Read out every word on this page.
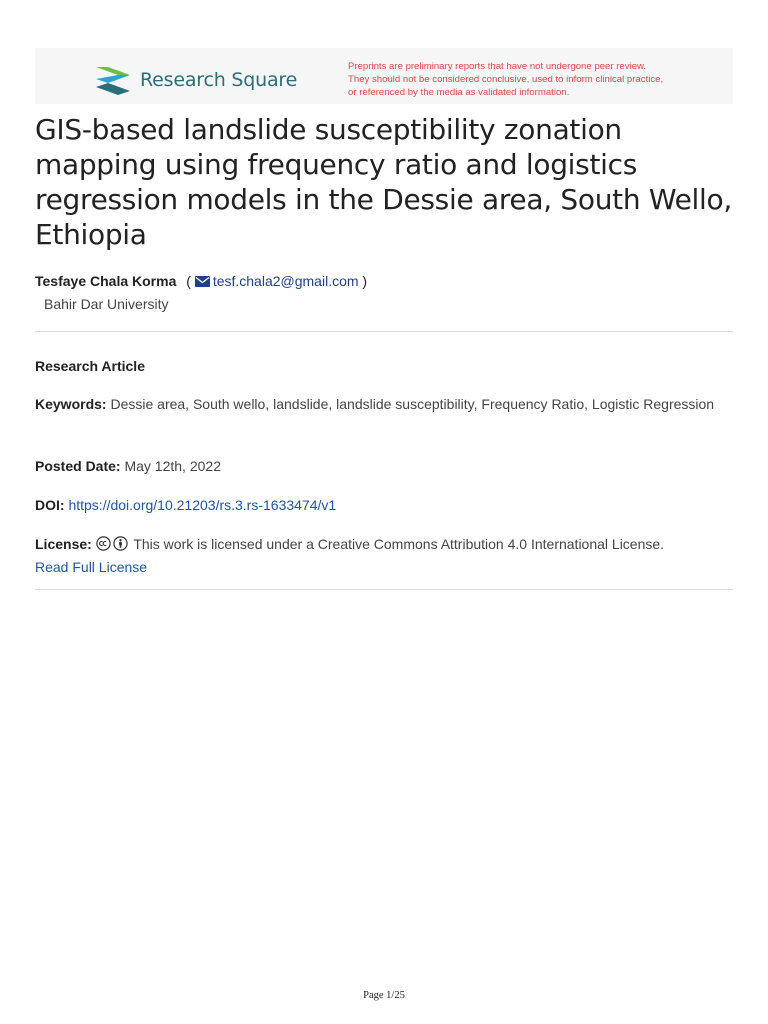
Research Square
Preprints are preliminary reports that have not undergone peer review.
They should not be considered conclusive, used to inform clinical practice,
or referenced by the media as validated information.
GIS-based landslide susceptibility zonation mapping using frequency ratio and logistics regression models in the Dessie area, South Wello, Ethiopia
Tesfaye Chala Korma ( tesf.chala2@gmail.com )
Bahir Dar University
Research Article
Keywords: Dessie area, South wello, landslide, landslide susceptibility, Frequency Ratio, Logistic Regression
Posted Date: May 12th, 2022
DOI: https://doi.org/10.21203/rs.3.rs-1633474/v1
License:	This work is licensed under a Creative Commons Attribution 4.0 International License.
Read Full License
Page 1/25
